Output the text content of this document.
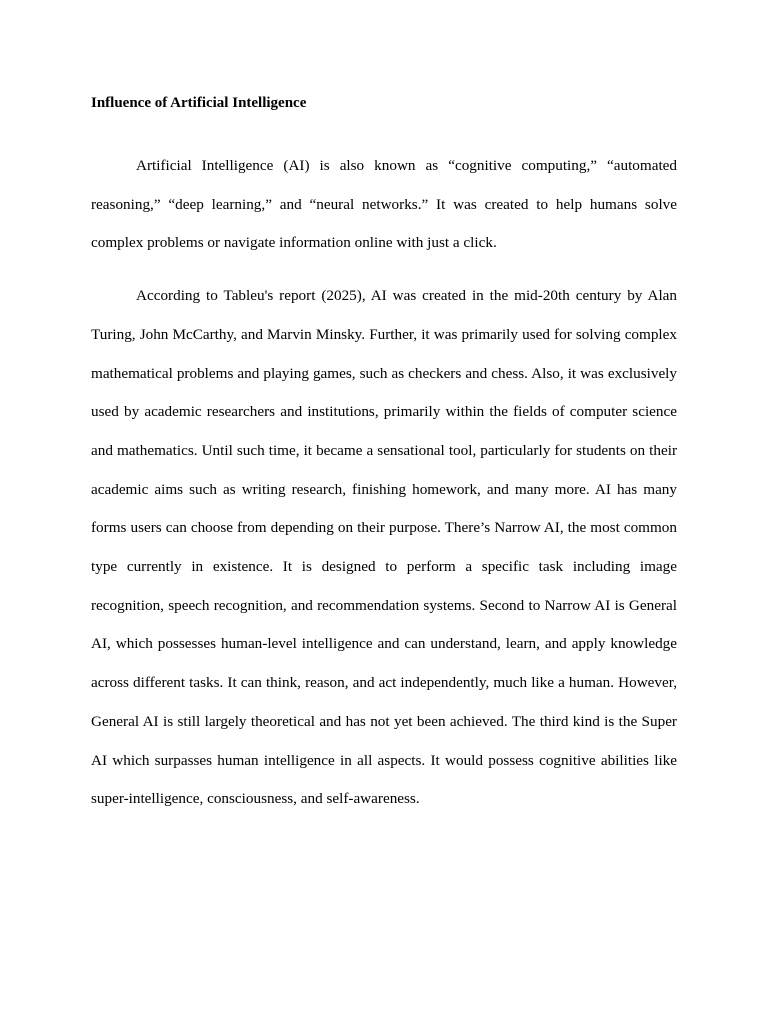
Influence of Artificial Intelligence

Artificial Intelligence (AI) is also known as “cognitive computing,” “automated reasoning,” “deep learning,” and “neural networks.” It was created to help humans solve complex problems or navigate information online with just a click.

According to Tableu's report (2025), AI was created in the mid-20th century by Alan Turing, John McCarthy, and Marvin Minsky. Further, it was primarily used for solving complex mathematical problems and playing games, such as checkers and chess. Also, it was exclusively used by academic researchers and institutions, primarily within the fields of computer science and mathematics. Until such time, it became a sensational tool, particularly for students on their academic aims such as writing research, finishing homework, and many more. AI has many forms users can choose from depending on their purpose. There’s Narrow AI, the most common type currently in existence. It is designed to perform a specific task including image recognition, speech recognition, and recommendation systems. Second to Narrow AI is General AI, which possesses human-level intelligence and can understand, learn, and apply knowledge across different tasks. It can think, reason, and act independently, much like a human. However, General AI is still largely theoretical and has not yet been achieved. The third kind is the Super AI which surpasses human intelligence in all aspects. It would possess cognitive abilities like super-intelligence, consciousness, and self-awareness.
